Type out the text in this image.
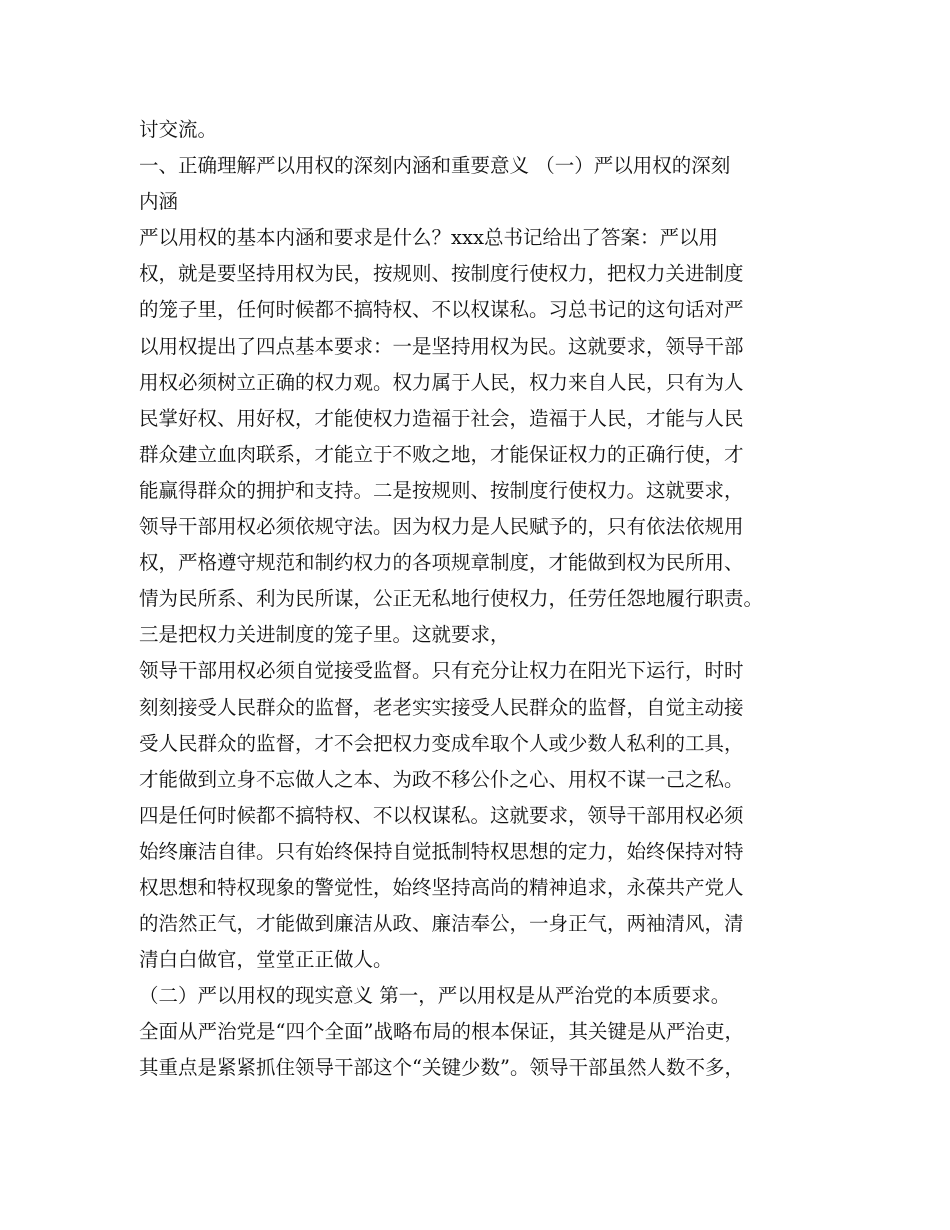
讨交流。
一、正确理解严以用权的深刻内涵和重要意义 （一）严以用权的深刻
内涵
严以用权的基本内涵和要求是什么？xxx总书记给出了答案：严以用
权，就是要坚持用权为民，按规则、按制度行使权力，把权力关进制度
的笼子里，任何时候都不搞特权、不以权谋私。习总书记的这句话对严
以用权提出了四点基本要求：一是坚持用权为民。这就要求，领导干部
用权必须树立正确的权力观。权力属于人民，权力来自人民，只有为人
民掌好权、用好权，才能使权力造福于社会，造福于人民，才能与人民
群众建立血肉联系，才能立于不败之地，才能保证权力的正确行使，才
能赢得群众的拥护和支持。二是按规则、按制度行使权力。这就要求，
领导干部用权必须依规守法。因为权力是人民赋予的，只有依法依规用
权，严格遵守规范和制约权力的各项规章制度，才能做到权为民所用、
情为民所系、利为民所谋，公正无私地行使权力，任劳任怨地履行职责。
三是把权力关进制度的笼子里。这就要求，
领导干部用权必须自觉接受监督。只有充分让权力在阳光下运行，时时
刻刻接受人民群众的监督，老老实实接受人民群众的监督，自觉主动接
受人民群众的监督，才不会把权力变成牟取个人或少数人私利的工具，
才能做到立身不忘做人之本、为政不移公仆之心、用权不谋一己之私。
四是任何时候都不搞特权、不以权谋私。这就要求，领导干部用权必须
始终廉洁自律。只有始终保持自觉抵制特权思想的定力，始终保持对特
权思想和特权现象的警觉性，始终坚持高尚的精神追求，永葆共产党人
的浩然正气，才能做到廉洁从政、廉洁奉公，一身正气，两袖清风，清
清白白做官，堂堂正正做人。
（二）严以用权的现实意义 第一，严以用权是从严治党的本质要求。
全面从严治党是“四个全面”战略布局的根本保证，其关键是从严治吏，
其重点是紧紧抓住领导干部这个“关键少数”。领导干部虽然人数不多，
